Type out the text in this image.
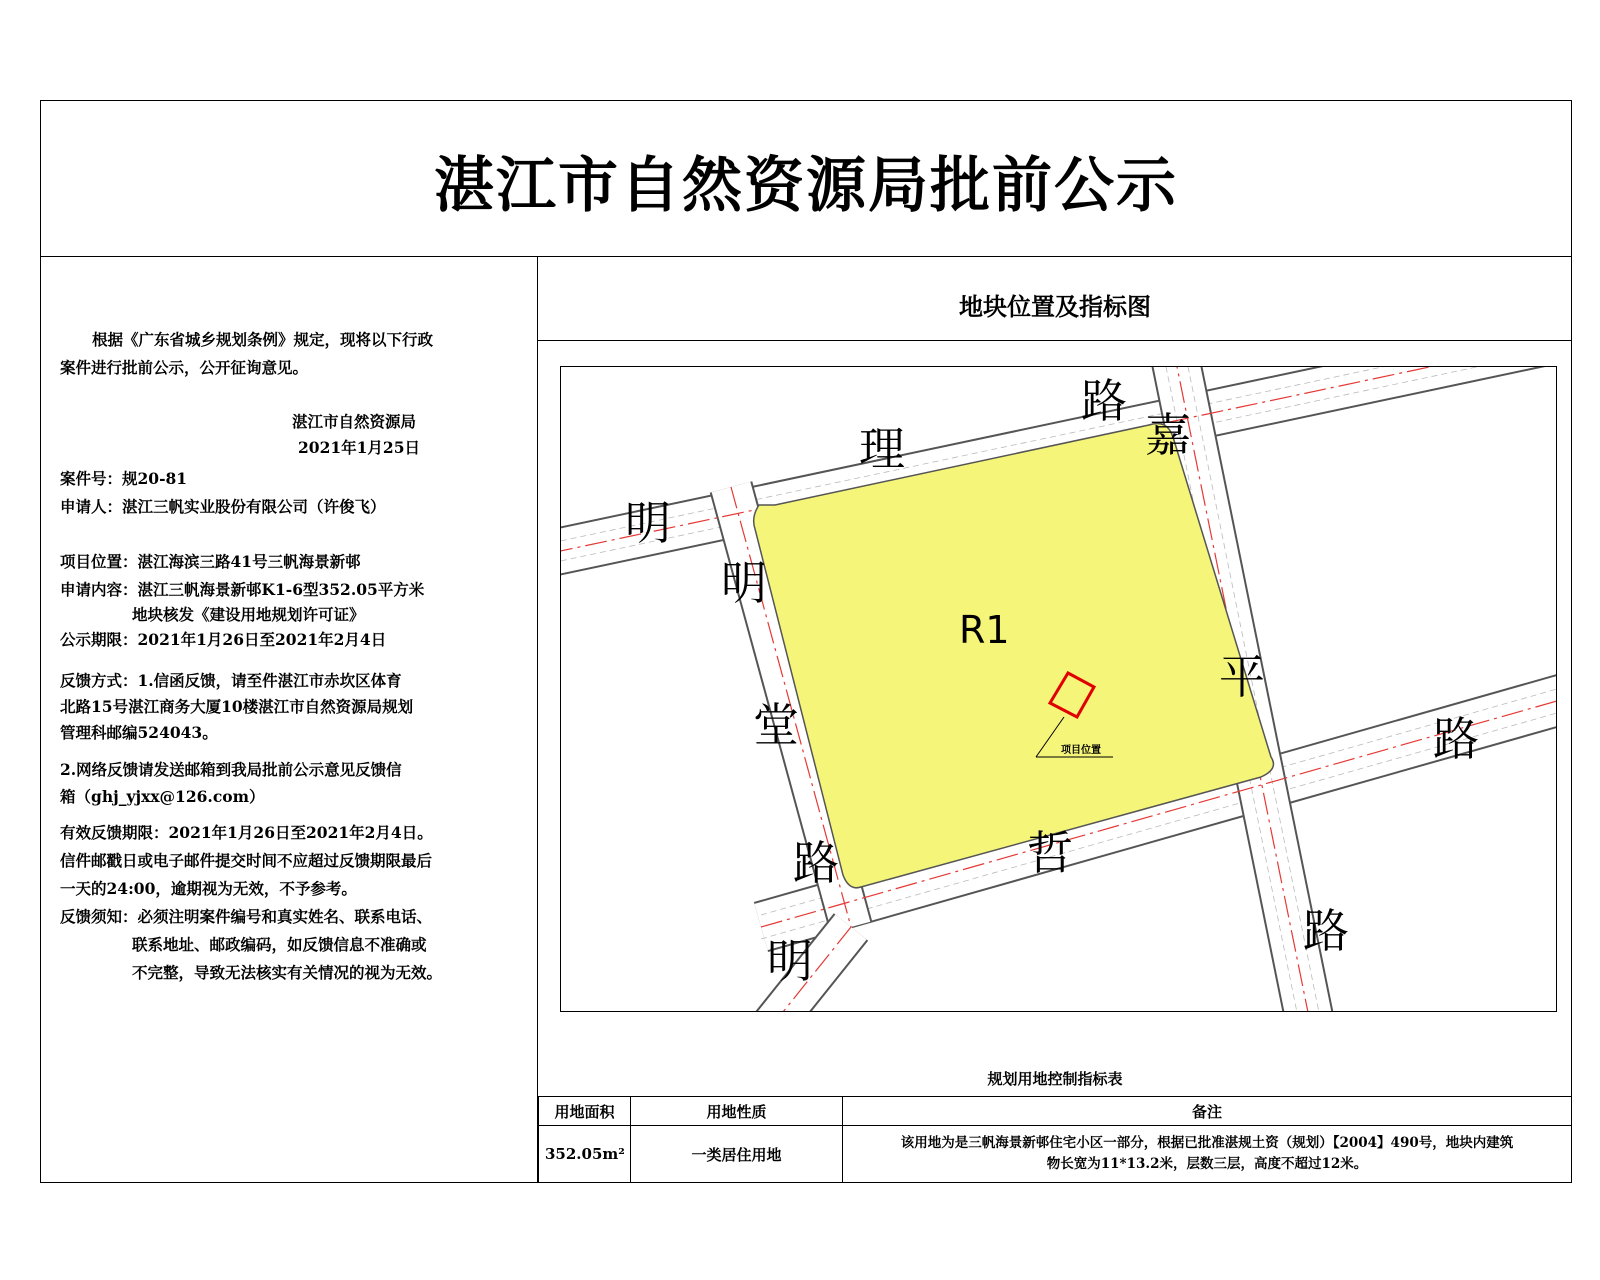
湛江市自然资源局批前公示
根据《广东省城乡规划条例》规定，现将以下行政
案件进行批前公示，公开征询意见。
湛江市自然资源局
2021年1月25日
案件号：规20-81
申请人：湛江三帆实业股份有限公司（许俊飞）
项目位置：湛江海滨三路41号三帆海景新邨
申请内容：湛江三帆海景新邨K1-6型352.05平方米
地块核发《建设用地规划许可证》
公示期限：2021年1月26日至2021年2月4日
反馈方式：1.信函反馈，请至件湛江市赤坎区体育
北路15号湛江商务大厦10楼湛江市自然资源局规划
管理科邮编524043。
2.网络反馈请发送邮箱到我局批前公示意见反馈信
箱（ghj_yjxx@126.com）
有效反馈期限：2021年1月26日至2021年2月4日。
信件邮戳日或电子邮件提交时间不应超过反馈期限最后
一天的24:00，逾期视为无效，不予参考。
反馈须知：必须注明案件编号和真实姓名、联系电话、
联系地址、邮政编码，如反馈信息不准确或
不完整，导致无法核实有关情况的视为无效。
地块位置及指标图
项目位置
R1
路
理
明
嘉
明
平
路
堂
哲
路
路
明
规划用地控制指标表
用地面积	用地性质	备注
352.05m²	一类居住用地	该用地为是三帆海景新邨住宅小区一部分，根据已批准湛规土资（规划）【2004】490号，地块内建筑
物长宽为11*13.2米，层数三层，高度不超过12米。
